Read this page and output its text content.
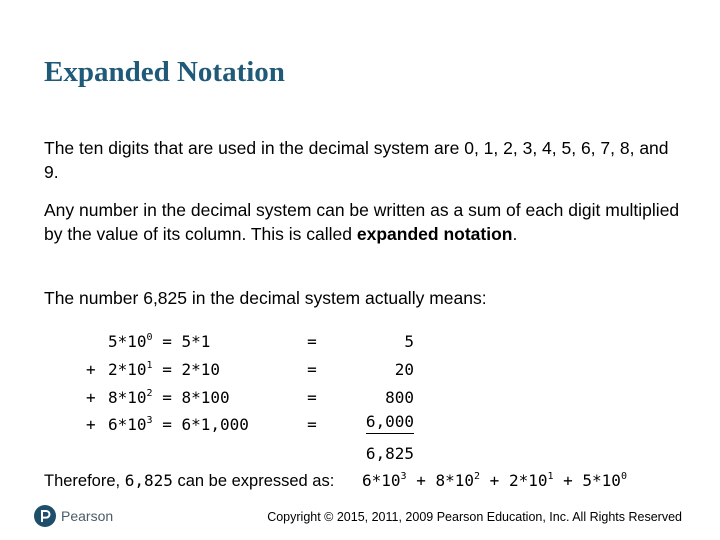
Expanded Notation

The ten digits that are used in the decimal system are 0, 1, 2, 3, 4, 5, 6, 7, 8, and 9.

Any number in the decimal system can be written as a sum of each digit multiplied by the value of its column. This is called expanded notation.

The number 6,825 in the decimal system actually means:

$5*10^0 = 5*1$	=	5
+ $2*10^1 = 2*10$	=	20
+ $8*10^2 = 8*100$	=	800
+ $6*10^3 = 6*1,000$	=	6,000
6,825
Therefore, 6,825 can be expressed as: $6*10^3 + 8*10^2 + 2*10^1 + 5*10^0$
Pearson	Copyright © 2015, 2011, 2009 Pearson Education, Inc. All Rights Reserved
